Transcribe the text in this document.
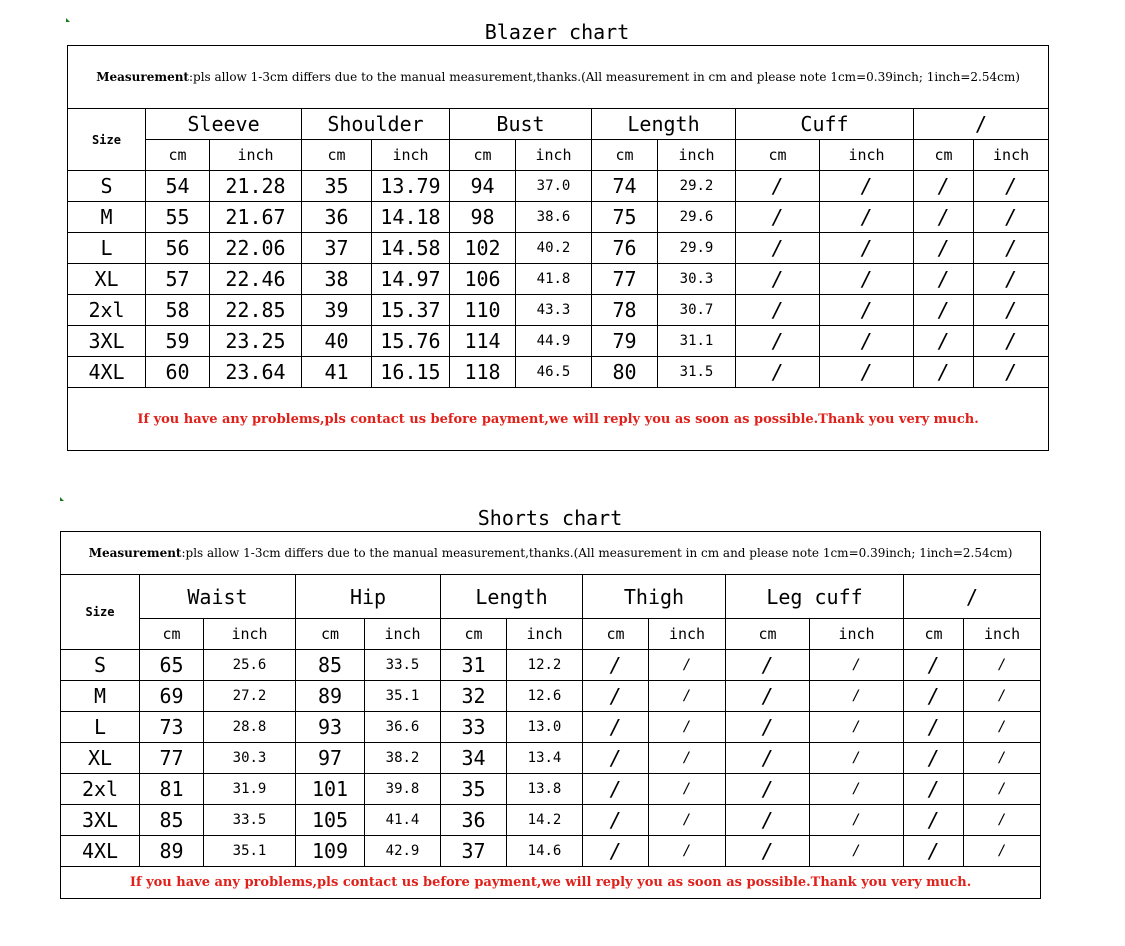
Blazer chart
Measurement:pls allow 1-3cm differs due to the manual measurement,thanks.(All measurement in cm and please note 1cm=0.39inch; 1inch=2.54cm)												
Size	Sleeve		Shoulder		Bust		Length		Cuff		/	
	cm	inch	cm	inch	cm	inch	cm	inch	cm	inch	cm	inch
S	54	21.28	35	13.79	94	37.0	74	29.2	/	/	/	/
M	55	21.67	36	14.18	98	38.6	75	29.6	/	/	/	/
L	56	22.06	37	14.58	102	40.2	76	29.9	/	/	/	/
XL	57	22.46	38	14.97	106	41.8	77	30.3	/	/	/	/
2xl	58	22.85	39	15.37	110	43.3	78	30.7	/	/	/	/
3XL	59	23.25	40	15.76	114	44.9	79	31.1	/	/	/	/
4XL	60	23.64	41	16.15	118	46.5	80	31.5	/	/	/	/
If you have any problems,pls contact us before payment,we will reply you as soon as possible.Thank you very much.												
Shorts chart
Measurement:pls allow 1-3cm differs due to the manual measurement,thanks.(All measurement in cm and please note 1cm=0.39inch; 1inch=2.54cm)												
Size	Waist		Hip		Length		Thigh		Leg cuff		/	
	cm	inch	cm	inch	cm	inch	cm	inch	cm	inch	cm	inch
S	65	25.6	85	33.5	31	12.2	/	/	/	/	/	/
M	69	27.2	89	35.1	32	12.6	/	/	/	/	/	/
L	73	28.8	93	36.6	33	13.0	/	/	/	/	/	/
XL	77	30.3	97	38.2	34	13.4	/	/	/	/	/	/
2xl	81	31.9	101	39.8	35	13.8	/	/	/	/	/	/
3XL	85	33.5	105	41.4	36	14.2	/	/	/	/	/	/
4XL	89	35.1	109	42.9	37	14.6	/	/	/	/	/	/
If you have any problems,pls contact us before payment,we will reply you as soon as possible.Thank you very much.												
